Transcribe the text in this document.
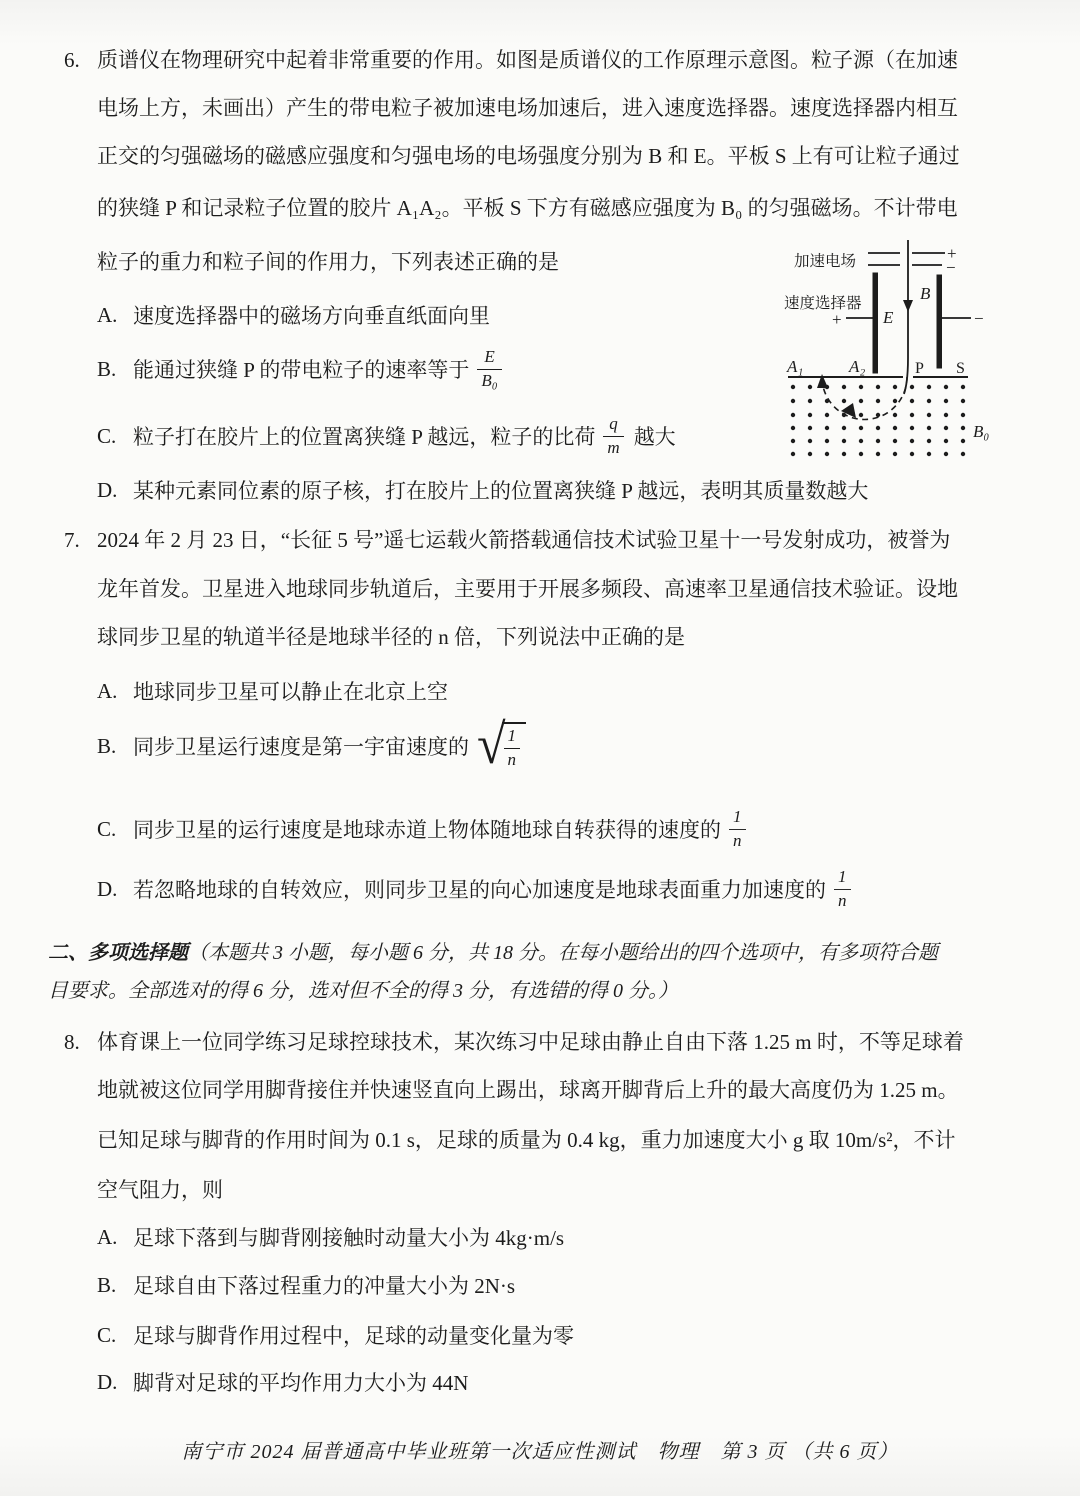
6. 质谱仪在物理研究中起着非常重要的作用。如图是质谱仪的工作原理示意图。粒子源（在加速
电场上方，未画出）产生的带电粒子被加速电场加速后，进入速度选择器。速度选择器内相互
正交的匀强磁场的磁感应强度和匀强电场的电场强度分别为 B 和 E。平板 S 上有可让粒子通过
的狭缝 P 和记录粒子位置的胶片 A₁A₂。平板 S 下方有磁感应强度为 B₀ 的匀强磁场。不计带电
粒子的重力和粒子间的作用力，下列表述正确的是
A. 速度选择器中的磁场方向垂直纸面向里
B. 能通过狭缝 P 的带电粒子的速率等于 $\frac{E}{\text{B₀}}$
C. 粒子打在胶片上的位置离狭缝 P 越远，粒子的比荷 $\frac{q}{m}$ 越大
D. 某种元素同位素的原子核，打在胶片上的位置离狭缝 P 越远，表明其质量数越大
加速电场	+
−
速度选择器
+	−
E
B
A₁	A₂	P S
B₀
7. 2024 年 2 月 23 日，“长征 5 号”遥七运载火箭搭载通信技术试验卫星十一号发射成功，被誉为
龙年首发。卫星进入地球同步轨道后，主要用于开展多频段、高速率卫星通信技术验证。设地
球同步卫星的轨道半径是地球半径的 n 倍，下列说法中正确的是
A. 地球同步卫星可以静止在北京上空
B. 同步卫星运行速度是第一宇宙速度的 √
$\frac{1}{n}$
C. 同步卫星的运行速度是地球赤道上物体随地球自转获得的速度的 $\frac{1}{n}$
D. 若忽略地球的自转效应，则同步卫星的向心加速度是地球表面重力加速度的 $\frac{1}{n}$
二、多项选择题（本题共 3 小题，每小题 6 分，共 18 分。在每小题给出的四个选项中，有多项符合题
目要求。全部选对的得 6 分，选对但不全的得 3 分，有选错的得 0 分。）
8. 体育课上一位同学练习足球控球技术，某次练习中足球由静止自由下落 1.25 m 时，不等足球着
地就被这位同学用脚背接住并快速竖直向上踢出，球离开脚背后上升的最大高度仍为 1.25 m。
已知足球与脚背的作用时间为 0.1 s，足球的质量为 0.4 kg，重力加速度大小 g 取 10m/s²，不计
空气阻力，则
A. 足球下落到与脚背刚接触时动量大小为 4kg·m/s
B. 足球自由下落过程重力的冲量大小为 2N·s
C. 足球与脚背作用过程中，足球的动量变化量为零
D. 脚背对足球的平均作用力大小为 44N
南宁市 2024 届普通高中毕业班第一次适应性测试　物理　第 3 页 （共 6 页）
